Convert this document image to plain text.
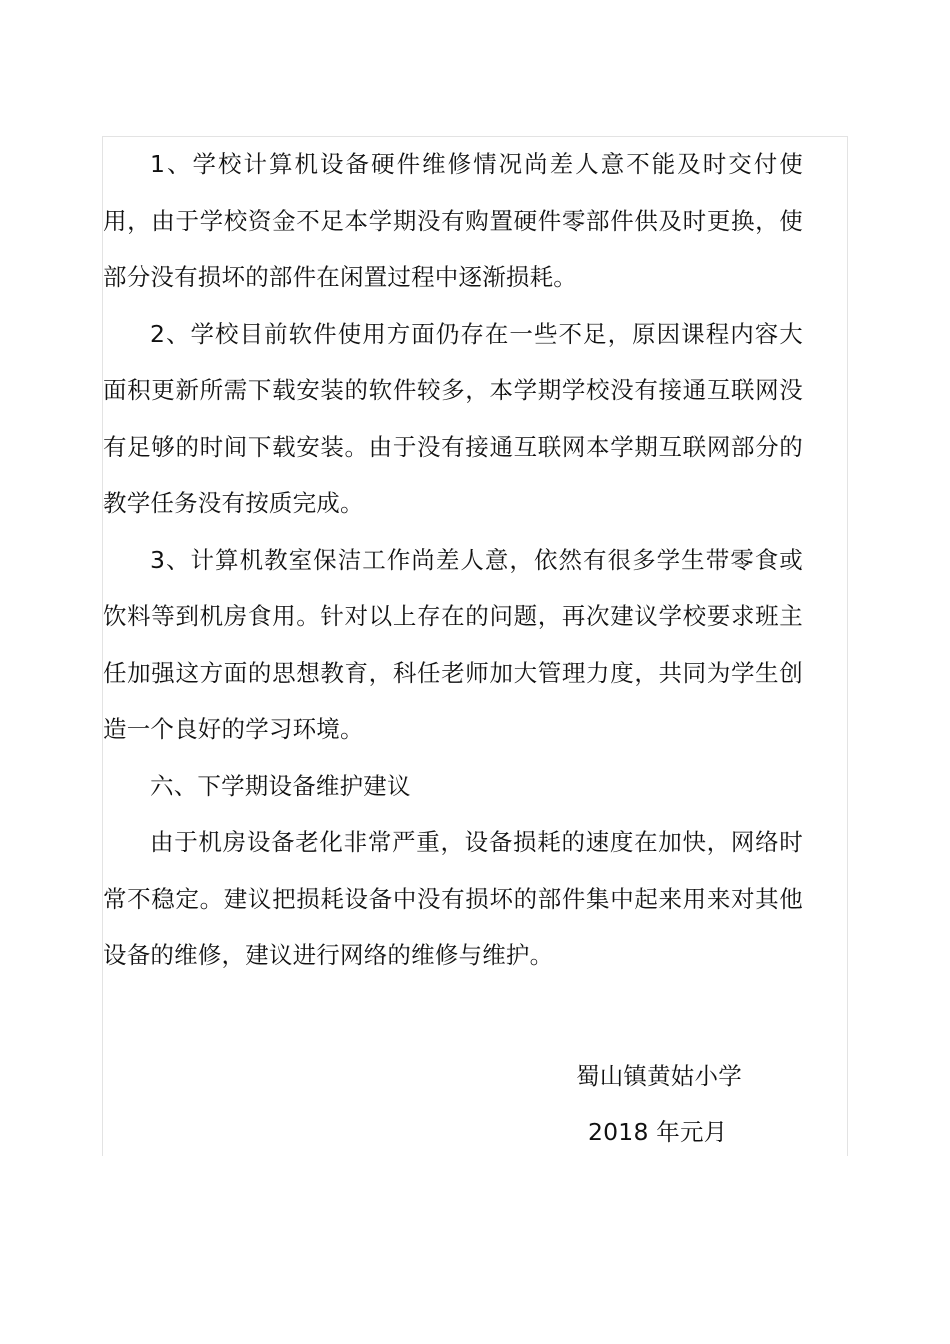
1、学校计算机设备硬件维修情况尚差人意不能及时交付使用，由于学校资金不足本学期没有购置硬件零部件供及时更换，使部分没有损坏的部件在闲置过程中逐渐损耗。

2、学校目前软件使用方面仍存在一些不足，原因课程内容大面积更新所需下载安装的软件较多，本学期学校没有接通互联网没有足够的时间下载安装。由于没有接通互联网本学期互联网部分的教学任务没有按质完成。

3、计算机教室保洁工作尚差人意，依然有很多学生带零食或饮料等到机房食用。针对以上存在的问题，再次建议学校要求班主任加强这方面的思想教育，科任老师加大管理力度，共同为学生创造一个良好的学习环境。

六、下学期设备维护建议

由于机房设备老化非常严重，设备损耗的速度在加快，网络时常不稳定。建议把损耗设备中没有损坏的部件集中起来用来对其他设备的维修，建议进行网络的维修与维护。

蜀山镇黄姑小学
2018 年元月
